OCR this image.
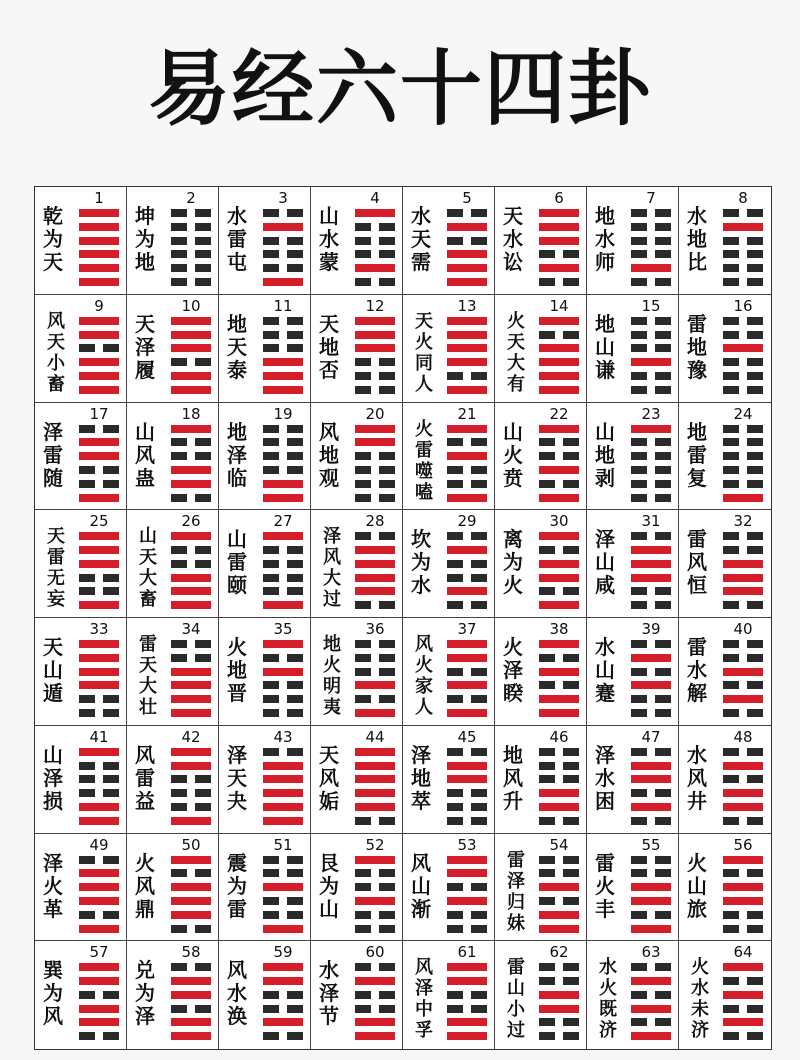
易经六十四卦
1
乾
为
天
2
坤
为
地
3
水
雷
屯
4
山
水
蒙
5
水
天
需
6
天
水
讼
7
地
水
师
8
水
地
比
9
风
天
小
畜
10
天
泽
履
11
地
天
泰
12
天
地
否
13
天
火
同
人
14
火
天
大
有
15
地
山
谦
16
雷
地
豫
17
泽
雷
随
18
山
风
蛊
19
地
泽
临
20
风
地
观
21
火
雷
噬
嗑
22
山
火
贲
23
山
地
剥
24
地
雷
复
25
天
雷
无
妄
26
山
天
大
畜
27
山
雷
颐
28
泽
风
大
过
29
坎
为
水
30
离
为
火
31
泽
山
咸
32
雷
风
恒
33
天
山
遁
34
雷
天
大
壮
35
火
地
晋
36
地
火
明
夷
37
风
火
家
人
38
火
泽
睽
39
水
山
蹇
40
雷
水
解
41
山
泽
损
42
风
雷
益
43
泽
天
夬
44
天
风
姤
45
泽
地
萃
46
地
风
升
47
泽
水
困
48
水
风
井
49
泽
火
革
50
火
风
鼎
51
震
为
雷
52
艮
为
山
53
风
山
渐
54
雷
泽
归
妹
55
雷
火
丰
56
火
山
旅
57
巽
为
风
58
兑
为
泽
59
风
水
涣
60
水
泽
节
61
风
泽
中
孚
62
雷
山
小
过
63
水
火
既
济
64
火
水
未
济
